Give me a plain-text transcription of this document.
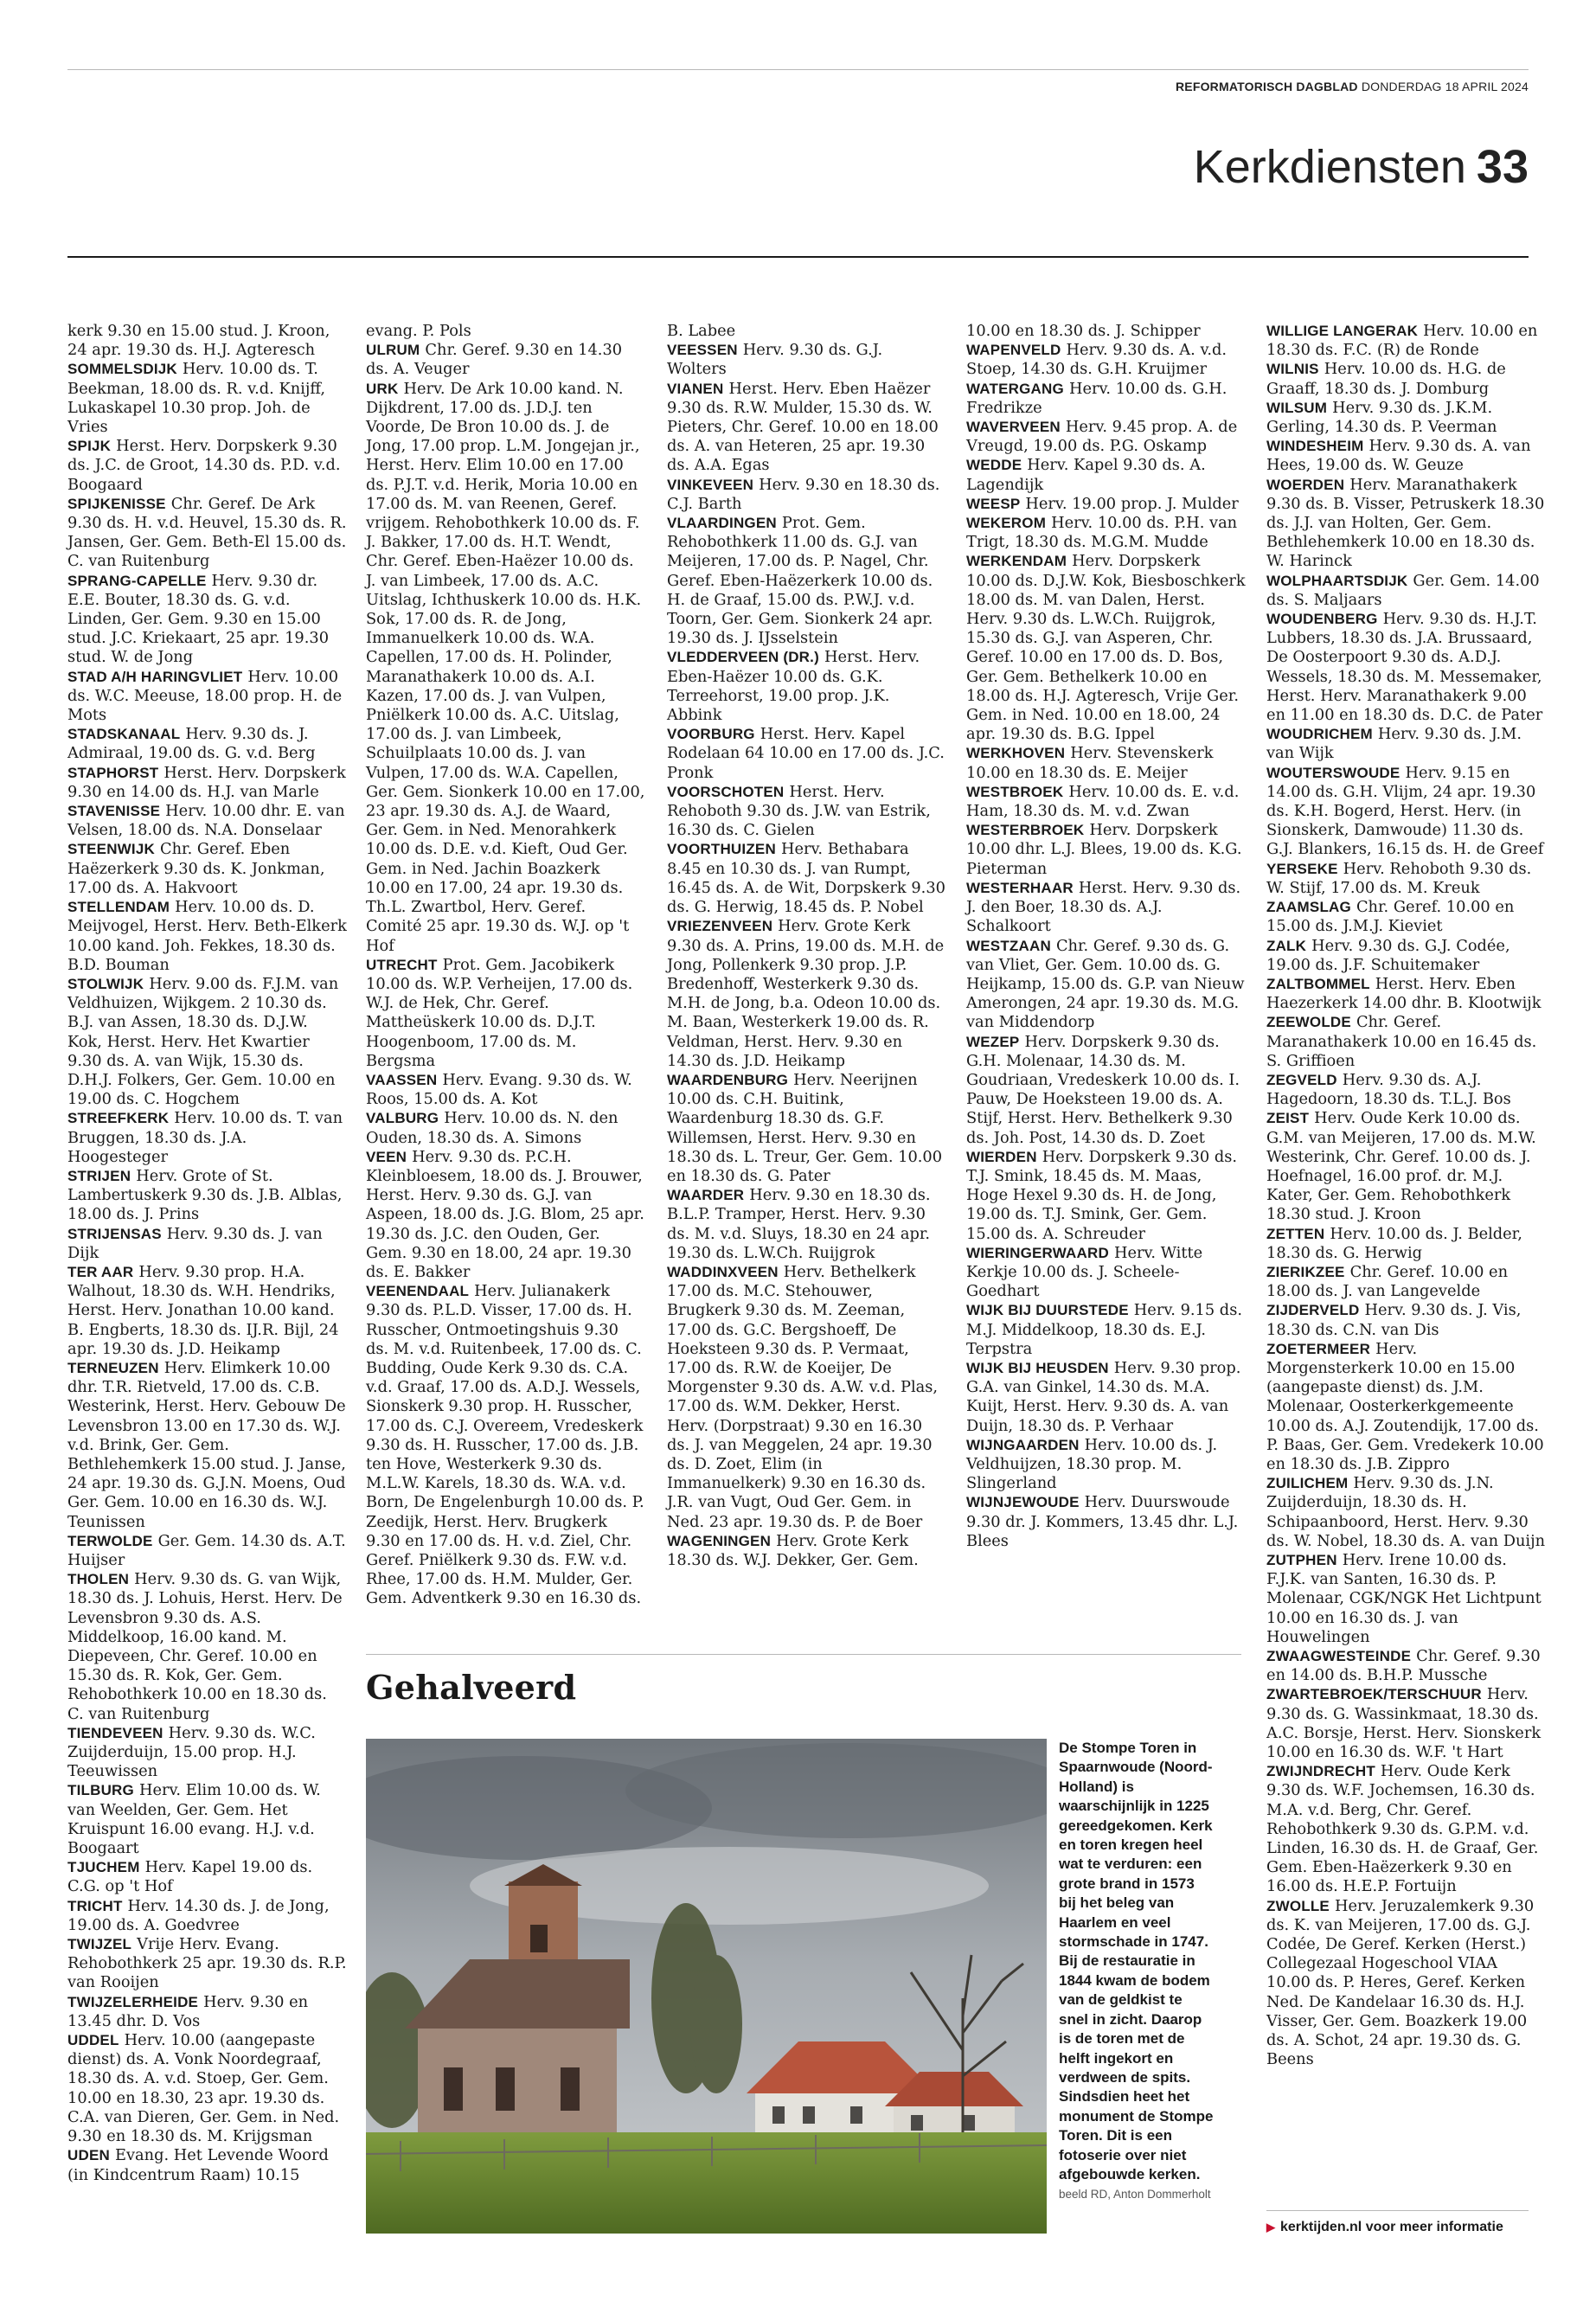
REFORMATORISCH DAGBLAD DONDERDAG 18 APRIL 2024
Kerkdiensten 33

kerk 9.30 en 15.00 stud. J. Kroon, 24 apr. 19.30 ds. H.J. Agteresch

SOMMELSDIJK Herv. 10.00 ds. T. Beekman, 18.00 ds. R. v.d. Knijff, Lukaskapel 10.30 prop. Joh. de Vries

SPIJK Herst. Herv. Dorpskerk 9.30 ds. J.C. de Groot, 14.30 ds. P.D. v.d. Boogaard

SPIJKENISSE Chr. Geref. De Ark 9.30 ds. H. v.d. Heuvel, 15.30 ds. R. Jansen, Ger. Gem. Beth-El 15.00 ds. C. van Ruitenburg

SPRANG-CAPELLE Herv. 9.30 dr. E.E. Bouter, 18.30 ds. G. v.d. Linden, Ger. Gem. 9.30 en 15.00 stud. J.C. Kriekaart, 25 apr. 19.30 stud. W. de Jong

STAD A/H HARINGVLIET Herv. 10.00 ds. W.C. Meeuse, 18.00 prop. H. de Mots

STADSKANAAL Herv. 9.30 ds. J. Admiraal, 19.00 ds. G. v.d. Berg

STAPHORST Herst. Herv. Dorpskerk 9.30 en 14.00 ds. H.J. van Marle

STAVENISSE Herv. 10.00 dhr. E. van Velsen, 18.00 ds. N.A. Donselaar

STEENWIJK Chr. Geref. Eben Haëzerkerk 9.30 ds. K. Jonkman, 17.00 ds. A. Hakvoort

STELLENDAM Herv. 10.00 ds. D. Meijvogel, Herst. Herv. Beth-Elkerk 10.00 kand. Joh. Fekkes, 18.30 ds. B.D. Bouman

STOLWIJK Herv. 9.00 ds. F.J.M. van Veldhuizen, Wijkgem. 2 10.30 ds. B.J. van Assen, 18.30 ds. D.J.W. Kok, Herst. Herv. Het Kwartier 9.30 ds. A. van Wijk, 15.30 ds. D.H.J. Folkers, Ger. Gem. 10.00 en 19.00 ds. C. Hogchem

STREEFKERK Herv. 10.00 ds. T. van Bruggen, 18.30 ds. J.A. Hoogesteger

STRIJEN Herv. Grote of St. Lambertuskerk 9.30 ds. J.B. Alblas, 18.00 ds. J. Prins

STRIJENSAS Herv. 9.30 ds. J. van Dijk

TER AAR Herv. 9.30 prop. H.A. Walhout, 18.30 ds. W.H. Hendriks, Herst. Herv. Jonathan 10.00 kand. B. Engberts, 18.30 ds. IJ.R. Bijl, 24 apr. 19.30 ds. J.D. Heikamp

TERNEUZEN Herv. Elimkerk 10.00 dhr. T.R. Rietveld, 17.00 ds. C.B. Westerink, Herst. Herv. Gebouw De Levensbron 13.00 en 17.30 ds. W.J. v.d. Brink, Ger. Gem. Bethlehemkerk 15.00 stud. J. Janse, 24 apr. 19.30 ds. G.J.N. Moens, Oud Ger. Gem. 10.00 en 16.30 ds. W.J. Teunissen

TERWOLDE Ger. Gem. 14.30 ds. A.T. Huijser

THOLEN Herv. 9.30 ds. G. van Wijk, 18.30 ds. J. Lohuis, Herst. Herv. De Levensbron 9.30 ds. A.S. Middelkoop, 16.00 kand. M. Diepeveen, Chr. Geref. 10.00 en 15.30 ds. R. Kok, Ger. Gem. Rehobothkerk 10.00 en 18.30 ds. C. van Ruitenburg

TIENDEVEEN Herv. 9.30 ds. W.C. Zuijderduijn, 15.00 prop. H.J. Teeuwissen

TILBURG Herv. Elim 10.00 ds. W. van Weelden, Ger. Gem. Het Kruispunt 16.00 evang. H.J. v.d. Boogaart

TJUCHEM Herv. Kapel 19.00 ds. C.G. op 't Hof

TRICHT Herv. 14.30 ds. J. de Jong, 19.00 ds. A. Goedvree

TWIJZEL Vrije Herv. Evang. Rehobothkerk 25 apr. 19.30 ds. R.P. van Rooijen

TWIJZELERHEIDE Herv. 9.30 en 13.45 dhr. D. Vos

UDDEL Herv. 10.00 (aangepaste dienst) ds. A. Vonk Noordegraaf, 18.30 ds. A. v.d. Stoep, Ger. Gem. 10.00 en 18.30, 23 apr. 19.30 ds. C.A. van Dieren, Ger. Gem. in Ned. 9.30 en 18.30 ds. M. Krijgsman

UDEN Evang. Het Levende Woord (in Kindcentrum Raam) 10.15

evang. P. Pols

ULRUM Chr. Geref. 9.30 en 14.30 ds. A. Veuger

URK Herv. De Ark 10.00 kand. N. Dijkdrent, 17.00 ds. J.D.J. ten Voorde, De Bron 10.00 ds. J. de Jong, 17.00 prop. L.M. Jongejan jr., Herst. Herv. Elim 10.00 en 17.00 ds. P.J.T. v.d. Herik, Moria 10.00 en 17.00 ds. M. van Reenen, Geref. vrijgem. Rehobothkerk 10.00 ds. F. J. Bakker, 17.00 ds. H.T. Wendt, Chr. Geref. Eben-Haëzer 10.00 ds. J. van Limbeek, 17.00 ds. A.C. Uitslag, Ichthuskerk 10.00 ds. H.K. Sok, 17.00 ds. R. de Jong, Immanuelkerk 10.00 ds. W.A. Capellen, 17.00 ds. H. Polinder, Maranathakerk 10.00 ds. A.I. Kazen, 17.00 ds. J. van Vulpen, Pniëlkerk 10.00 ds. A.C. Uitslag, 17.00 ds. J. van Limbeek, Schuilplaats 10.00 ds. J. van Vulpen, 17.00 ds. W.A. Capellen, Ger. Gem. Sionkerk 10.00 en 17.00, 23 apr. 19.30 ds. A.J. de Waard, Ger. Gem. in Ned. Menorahkerk 10.00 ds. D.E. v.d. Kieft, Oud Ger. Gem. in Ned. Jachin Boazkerk 10.00 en 17.00, 24 apr. 19.30 ds. Th.L. Zwartbol, Herv. Geref. Comité 25 apr. 19.30 ds. W.J. op 't Hof

UTRECHT Prot. Gem. Jacobikerk 10.00 ds. W.P. Verheijen, 17.00 ds. W.J. de Hek, Chr. Geref. Mattheüskerk 10.00 ds. D.J.T. Hoogenboom, 17.00 ds. M. Bergsma

VAASSEN Herv. Evang. 9.30 ds. W. Roos, 15.00 ds. A. Kot

VALBURG Herv. 10.00 ds. N. den Ouden, 18.30 ds. A. Simons

VEEN Herv. 9.30 ds. P.C.H. Kleinbloesem, 18.00 ds. J. Brouwer, Herst. Herv. 9.30 ds. G.J. van Aspeen, 18.00 ds. J.G. Blom, 25 apr. 19.30 ds. J.C. den Ouden, Ger. Gem. 9.30 en 18.00, 24 apr. 19.30 ds. E. Bakker

VEENENDAAL Herv. Julianakerk 9.30 ds. P.L.D. Visser, 17.00 ds. H. Russcher, Ontmoetingshuis 9.30 ds. M. v.d. Ruitenbeek, 17.00 ds. C. Budding, Oude Kerk 9.30 ds. C.A. v.d. Graaf, 17.00 ds. A.D.J. Wessels, Sionskerk 9.30 prop. H. Russcher, 17.00 ds. C.J. Overeem, Vredeskerk 9.30 ds. H. Russcher, 17.00 ds. J.B. ten Hove, Westerkerk 9.30 ds. M.L.W. Karels, 18.30 ds. W.A. v.d. Born, De Engelenburgh 10.00 ds. P. Zeedijk, Herst. Herv. Brugkerk 9.30 en 17.00 ds. H. v.d. Ziel, Chr. Geref. Pniëlkerk 9.30 ds. F.W. v.d. Rhee, 17.00 ds. H.M. Mulder, Ger. Gem. Adventkerk 9.30 en 16.30 ds.

B. Labee

VEESSEN Herv. 9.30 ds. G.J. Wolters

VIANEN Herst. Herv. Eben Haëzer 9.30 ds. R.W. Mulder, 15.30 ds. W. Pieters, Chr. Geref. 10.00 en 18.00 ds. A. van Heteren, 25 apr. 19.30 ds. A.A. Egas

VINKEVEEN Herv. 9.30 en 18.30 ds. C.J. Barth

VLAARDINGEN Prot. Gem. Rehobothkerk 11.00 ds. G.J. van Meijeren, 17.00 ds. P. Nagel, Chr. Geref. Eben-Haëzerkerk 10.00 ds. H. de Graaf, 15.00 ds. P.W.J. v.d. Toorn, Ger. Gem. Sionkerk 24 apr. 19.30 ds. J. IJsselstein

VLEDDERVEEN (DR.) Herst. Herv. Eben-Haëzer 10.00 ds. G.K. Terreehorst, 19.00 prop. J.K. Abbink

VOORBURG Herst. Herv. Kapel Rodelaan 64 10.00 en 17.00 ds. J.C. Pronk

VOORSCHOTEN Herst. Herv. Rehoboth 9.30 ds. J.W. van Estrik, 16.30 ds. C. Gielen

VOORTHUIZEN Herv. Bethabara 8.45 en 10.30 ds. J. van Rumpt, 16.45 ds. A. de Wit, Dorpskerk 9.30 ds. G. Herwig, 18.45 ds. P. Nobel

VRIEZENVEEN Herv. Grote Kerk 9.30 ds. A. Prins, 19.00 ds. M.H. de Jong, Pollenkerk 9.30 prop. J.P. Bredenhoff, Westerkerk 9.30 ds. M.H. de Jong, b.a. Odeon 10.00 ds. M. Baan, Westerkerk 19.00 ds. R. Veldman, Herst. Herv. 9.30 en 14.30 ds. J.D. Heikamp

WAARDENBURG Herv. Neerijnen 10.00 ds. C.H. Buitink, Waardenburg 18.30 ds. G.F. Willemsen, Herst. Herv. 9.30 en 18.30 ds. L. Treur, Ger. Gem. 10.00 en 18.30 ds. G. Pater

WAARDER Herv. 9.30 en 18.30 ds. B.L.P. Tramper, Herst. Herv. 9.30 ds. M. v.d. Sluys, 18.30 en 24 apr. 19.30 ds. L.W.Ch. Ruijgrok

WADDINXVEEN Herv. Bethelkerk 17.00 ds. M.C. Stehouwer, Brugkerk 9.30 ds. M. Zeeman, 17.00 ds. G.C. Bergshoeff, De Hoeksteen 9.30 ds. P. Vermaat, 17.00 ds. R.W. de Koeijer, De Morgenster 9.30 ds. A.W. v.d. Plas, 17.00 ds. W.M. Dekker, Herst. Herv. (Dorpstraat) 9.30 en 16.30 ds. J. van Meggelen, 24 apr. 19.30 ds. D. Zoet, Elim (in Immanuelkerk) 9.30 en 16.30 ds. J.R. van Vugt, Oud Ger. Gem. in Ned. 23 apr. 19.30 ds. P. de Boer

WAGENINGEN Herv. Grote Kerk 18.30 ds. W.J. Dekker, Ger. Gem.

10.00 en 18.30 ds. J. Schipper

WAPENVELD Herv. 9.30 ds. A. v.d. Stoep, 14.30 ds. G.H. Kruijmer

WATERGANG Herv. 10.00 ds. G.H. Fredrikze

WAVERVEEN Herv. 9.45 prop. A. de Vreugd, 19.00 ds. P.G. Oskamp

WEDDE Herv. Kapel 9.30 ds. A. Lagendijk

WEESP Herv. 19.00 prop. J. Mulder

WEKEROM Herv. 10.00 ds. P.H. van Trigt, 18.30 ds. M.G.M. Mudde

WERKENDAM Herv. Dorpskerk 10.00 ds. D.J.W. Kok, Biesboschkerk 18.00 ds. M. van Dalen, Herst. Herv. 9.30 ds. L.W.Ch. Ruijgrok, 15.30 ds. G.J. van Asperen, Chr. Geref. 10.00 en 17.00 ds. D. Bos, Ger. Gem. Bethelkerk 10.00 en 18.00 ds. H.J. Agteresch, Vrije Ger. Gem. in Ned. 10.00 en 18.00, 24 apr. 19.30 ds. B.G. Ippel

WERKHOVEN Herv. Stevenskerk 10.00 en 18.30 ds. E. Meijer

WESTBROEK Herv. 10.00 ds. E. v.d. Ham, 18.30 ds. M. v.d. Zwan

WESTERBROEK Herv. Dorpskerk 10.00 dhr. L.J. Blees, 19.00 ds. K.G. Pieterman

WESTERHAAR Herst. Herv. 9.30 ds. J. den Boer, 18.30 ds. A.J. Schalkoort

WESTZAAN Chr. Geref. 9.30 ds. G. van Vliet, Ger. Gem. 10.00 ds. G. Heijkamp, 15.00 ds. G.P. van Nieuw Amerongen, 24 apr. 19.30 ds. M.G. van Middendorp

WEZEP Herv. Dorpskerk 9.30 ds. G.H. Molenaar, 14.30 ds. M. Goudriaan, Vredeskerk 10.00 ds. I. Pauw, De Hoeksteen 19.00 ds. A. Stijf, Herst. Herv. Bethelkerk 9.30 ds. Joh. Post, 14.30 ds. D. Zoet

WIERDEN Herv. Dorpskerk 9.30 ds. T.J. Smink, 18.45 ds. M. Maas, Hoge Hexel 9.30 ds. H. de Jong, 19.00 ds. T.J. Smink, Ger. Gem. 15.00 ds. A. Schreuder

WIERINGERWAARD Herv. Witte Kerkje 10.00 ds. J. Scheele-Goedhart

WIJK BIJ DUURSTEDE Herv. 9.15 ds. M.J. Middelkoop, 18.30 ds. E.J. Terpstra

WIJK BIJ HEUSDEN Herv. 9.30 prop. G.A. van Ginkel, 14.30 ds. M.A. Kuijt, Herst. Herv. 9.30 ds. A. van Duijn, 18.30 ds. P. Verhaar

WIJNGAARDEN Herv. 10.00 ds. J. Veldhuijzen, 18.30 prop. M. Slingerland

WIJNJEWOUDE Herv. Duurswoude 9.30 dr. J. Kommers, 13.45 dhr. L.J. Blees

WILLIGE LANGERAK Herv. 10.00 en 18.30 ds. F.C. (R) de Ronde

WILNIS Herv. 10.00 ds. H.G. de Graaff, 18.30 ds. J. Domburg

WILSUM Herv. 9.30 ds. J.K.M. Gerling, 14.30 ds. P. Veerman

WINDESHEIM Herv. 9.30 ds. A. van Hees, 19.00 ds. W. Geuze

WOERDEN Herv. Maranathakerk 9.30 ds. B. Visser, Petruskerk 18.30 ds. J.J. van Holten, Ger. Gem. Bethlehemkerk 10.00 en 18.30 ds. W. Harinck

WOLPHAARTSDIJK Ger. Gem. 14.00 ds. S. Maljaars

WOUDENBERG Herv. 9.30 ds. H.J.T. Lubbers, 18.30 ds. J.A. Brussaard, De Oosterpoort 9.30 ds. A.D.J. Wessels, 18.30 ds. M. Messemaker, Herst. Herv. Maranathakerk 9.00 en 11.00 en 18.30 ds. D.C. de Pater

WOUDRICHEM Herv. 9.30 ds. J.M. van Wijk

WOUTERSWOUDE Herv. 9.15 en 14.00 ds. G.H. Vlijm, 24 apr. 19.30 ds. K.H. Bogerd, Herst. Herv. (in Sionskerk, Damwoude) 11.30 ds. G.J. Blankers, 16.15 ds. H. de Greef

YERSEKE Herv. Rehoboth 9.30 ds. W. Stijf, 17.00 ds. M. Kreuk

ZAAMSLAG Chr. Geref. 10.00 en 15.00 ds. J.M.J. Kieviet

ZALK Herv. 9.30 ds. G.J. Codée, 19.00 ds. J.F. Schuitemaker

ZALTBOMMEL Herst. Herv. Eben Haezerkerk 14.00 dhr. B. Klootwijk

ZEEWOLDE Chr. Geref. Maranathakerk 10.00 en 16.45 ds. S. Griffioen

ZEGVELD Herv. 9.30 ds. A.J. Hagedoorn, 18.30 ds. T.L.J. Bos

ZEIST Herv. Oude Kerk 10.00 ds. G.M. van Meijeren, 17.00 ds. M.W. Westerink, Chr. Geref. 10.00 ds. J. Hoefnagel, 16.00 prof. dr. M.J. Kater, Ger. Gem. Rehobothkerk 18.30 stud. J. Kroon

ZETTEN Herv. 10.00 ds. J. Belder, 18.30 ds. G. Herwig

ZIERIKZEE Chr. Geref. 10.00 en 18.00 ds. J. van Langevelde

ZIJDERVELD Herv. 9.30 ds. J. Vis, 18.30 ds. C.N. van Dis

ZOETERMEER Herv. Morgensterkerk 10.00 en 15.00 (aangepaste dienst) ds. J.M. Molenaar, Oosterkerkgemeente 10.00 ds. A.J. Zoutendijk, 17.00 ds. P. Baas, Ger. Gem. Vredekerk 10.00 en 18.30 ds. J.B. Zippro

ZUILICHEM Herv. 9.30 ds. J.N. Zuijderduijn, 18.30 ds. H. Schipaanboord, Herst. Herv. 9.30 ds. W. Nobel, 18.30 ds. A. van Duijn

ZUTPHEN Herv. Irene 10.00 ds. F.J.K. van Santen, 16.30 ds. P. Molenaar, CGK/NGK Het Lichtpunt 10.00 en 16.30 ds. J. van Houwelingen

ZWAAGWESTEINDE Chr. Geref. 9.30 en 14.00 ds. B.H.P. Mussche

ZWARTEBROEK/TERSCHUUR Herv. 9.30 ds. G. Wassinkmaat, 18.30 ds. A.C. Borsje, Herst. Herv. Sionskerk 10.00 en 16.30 ds. W.F. 't Hart

ZWIJNDRECHT Herv. Oude Kerk 9.30 ds. W.F. Jochemsen, 16.30 ds. M.A. v.d. Berg, Chr. Geref. Rehobothkerk 9.30 ds. G.P.M. v.d. Linden, 16.30 ds. H. de Graaf, Ger. Gem. Eben-Haëzerkerk 9.30 en 16.00 ds. H.E.P. Fortuijn

ZWOLLE Herv. Jeruzalemkerk 9.30 ds. K. van Meijeren, 17.00 ds. G.J. Codée, De Geref. Kerken (Herst.) Collegezaal Hogeschool VIAA 10.00 ds. P. Heres, Geref. Kerken Ned. De Kandelaar 16.30 ds. H.J. Visser, Ger. Gem. Boazkerk 19.00 ds. A. Schot, 24 apr. 19.30 ds. G. Beens

Gehalveerd
De Stompe Toren in Spaarnwoude (Noord-Holland) is waarschijnlijk in 1225 gereedgekomen. Kerk en toren kregen heel wat te verduren: een grote brand in 1573 bij het beleg van Haarlem en veel stormschade in 1747. Bij de restauratie in 1844 kwam de bodem van de geldkist te snel in zicht. Daarop is de toren met de helft ingekort en verdween de spits. Sindsdien heet het monument de Stompe Toren. Dit is een fotoserie over niet afgebouwde kerken. beeld RD, Anton Dommerholt
▶ kerktijden.nl voor meer informatie
